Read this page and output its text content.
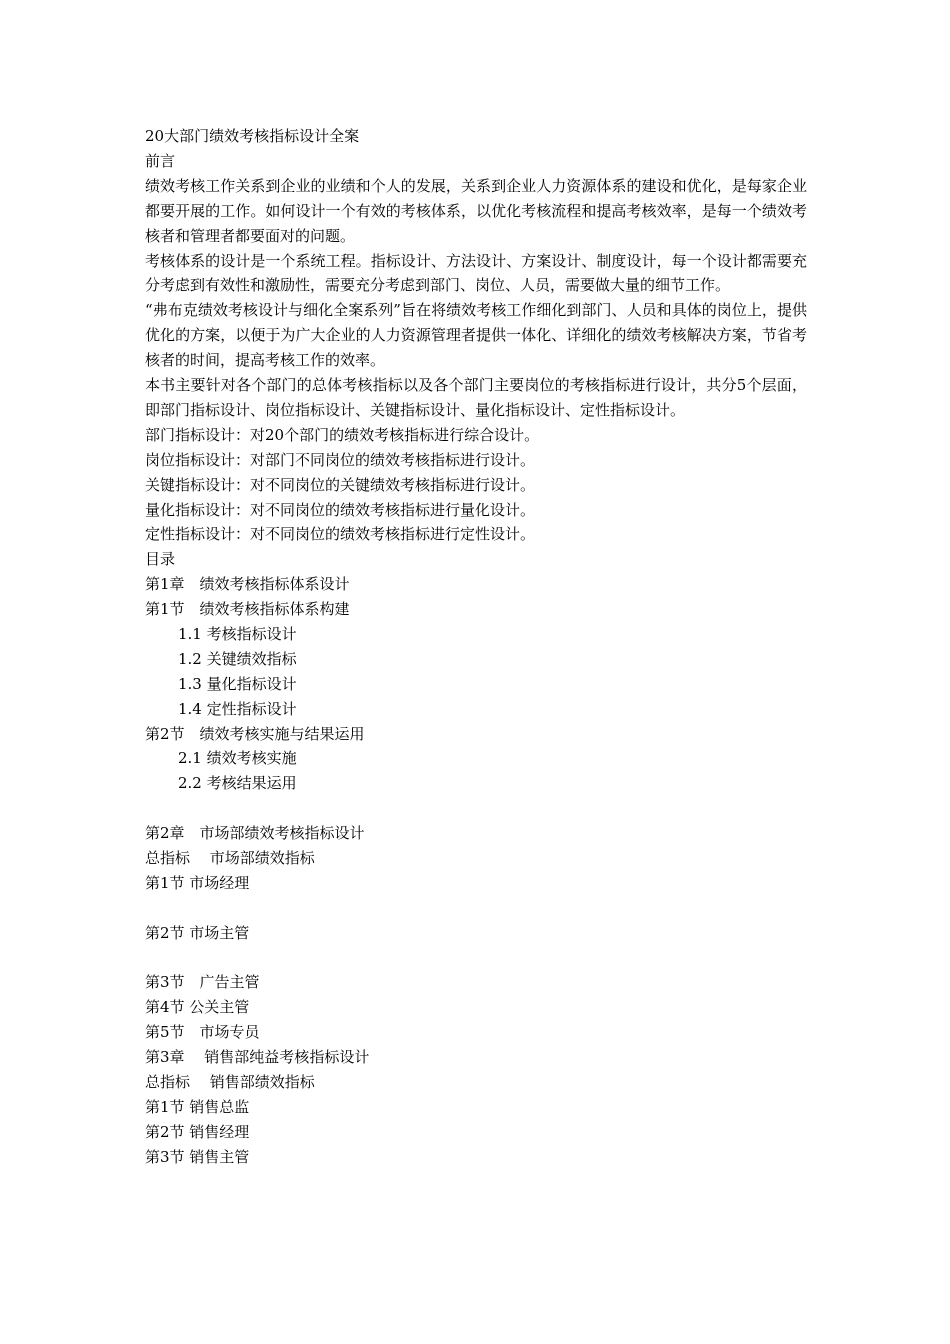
20大部门绩效考核指标设计全案
前言

绩效考核工作关系到企业的业绩和个人的发展，关系到企业人力资源体系的建设和优化，是每家企业都要开展的工作。如何设计一个有效的考核体系，以优化考核流程和提高考核效率，是每一个绩效考核者和管理者都要面对的问题。

考核体系的设计是一个系统工程。指标设计、方法设计、方案设计、制度设计，每一个设计都需要充分考虑到有效性和激励性，需要充分考虑到部门、岗位、人员，需要做大量的细节工作。

“弗布克绩效考核设计与细化全案系列”旨在将绩效考核工作细化到部门、人员和具体的岗位上，提供优化的方案，以便于为广大企业的人力资源管理者提供一体化、详细化的绩效考核解决方案，节省考核者的时间，提高考核工作的效率。

本书主要针对各个部门的总体考核指标以及各个部门主要岗位的考核指标进行设计，共分5个层面，即部门指标设计、岗位指标设计、关键指标设计、量化指标设计、定性指标设计。

部门指标设计：对20个部门的绩效考核指标进行综合设计。
岗位指标设计：对部门不同岗位的绩效考核指标进行设计。
关键指标设计：对不同岗位的关键绩效考核指标进行设计。
量化指标设计：对不同岗位的绩效考核指标进行量化设计。
定性指标设计：对不同岗位的绩效考核指标进行定性设计。
目录
第1章　绩效考核指标体系设计
第1节　绩效考核指标体系构建
1.1 考核指标设计
1.2 关键绩效指标
1.3 量化指标设计
1.4 定性指标设计
第2节　绩效考核实施与结果运用
2.1 绩效考核实施
2.2 考核结果运用
第2章　市场部绩效考核指标设计
总指标　 市场部绩效指标
第1节 市场经理
第2节 市场主管
第3节　广告主管
第4节 公关主管
第5节　市场专员
第3章　 销售部纯益考核指标设计
总指标　 销售部绩效指标
第1节 销售总监
第2节 销售经理
第3节 销售主管
